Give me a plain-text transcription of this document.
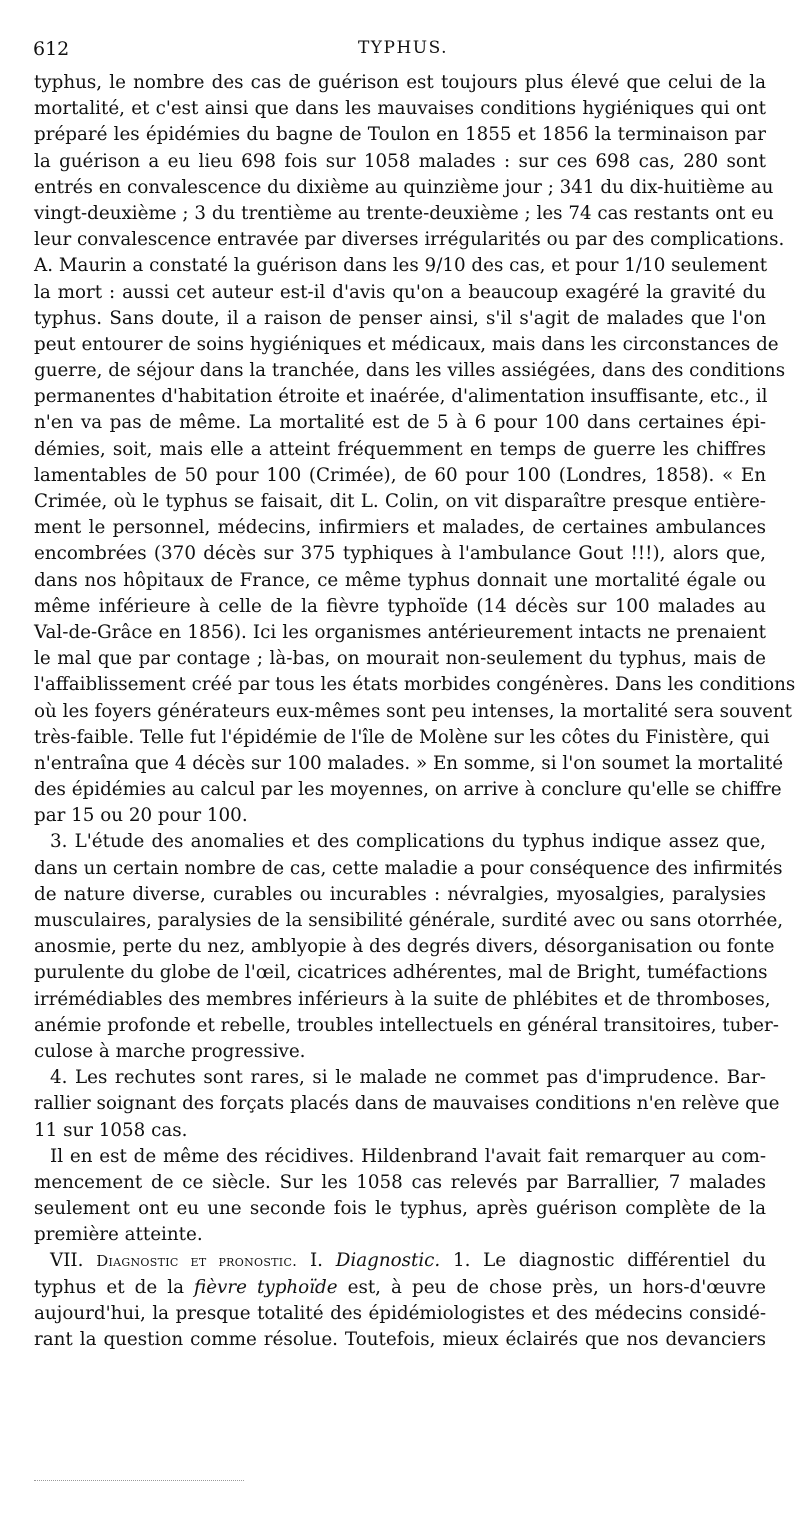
612	TYPHUS.
typhus, le nombre des cas de guérison est toujours plus élevé que celui de la
mortalité, et c'est ainsi que dans les mauvaises conditions hygiéniques qui ont
préparé les épidémies du bagne de Toulon en 1855 et 1856 la terminaison par
la guérison a eu lieu 698 fois sur 1058 malades : sur ces 698 cas, 280 sont
entrés en convalescence du dixième au quinzième jour ; 341 du dix-huitième au
vingt-deuxième ; 3 du trentième au trente-deuxième ; les 74 cas restants ont eu
leur convalescence entravée par diverses irrégularités ou par des complications.
A. Maurin a constaté la guérison dans les 9/10 des cas, et pour 1/10 seulement
la mort : aussi cet auteur est-il d'avis qu'on a beaucoup exagéré la gravité du
typhus. Sans doute, il a raison de penser ainsi, s'il s'agit de malades que l'on
peut entourer de soins hygiéniques et médicaux, mais dans les circonstances de
guerre, de séjour dans la tranchée, dans les villes assiégées, dans des conditions
permanentes d'habitation étroite et inaérée, d'alimentation insuffisante, etc., il
n'en va pas de même. La mortalité est de 5 à 6 pour 100 dans certaines épi-
démies, soit, mais elle a atteint fréquemment en temps de guerre les chiffres
lamentables de 50 pour 100 (Crimée), de 60 pour 100 (Londres, 1858). « En
Crimée, où le typhus se faisait, dit L. Colin, on vit disparaître presque entière-
ment le personnel, médecins, infirmiers et malades, de certaines ambulances
encombrées (370 décès sur 375 typhiques à l'ambulance Gout !!!), alors que,
dans nos hôpitaux de France, ce même typhus donnait une mortalité égale ou
même inférieure à celle de la fièvre typhoïde (14 décès sur 100 malades au
Val-de-Grâce en 1856). Ici les organismes antérieurement intacts ne prenaient
le mal que par contage ; là-bas, on mourait non-seulement du typhus, mais de
l'affaiblissement créé par tous les états morbides congénères. Dans les conditions
où les foyers générateurs eux-mêmes sont peu intenses, la mortalité sera souvent
très-faible. Telle fut l'épidémie de l'île de Molène sur les côtes du Finistère, qui
n'entraîna que 4 décès sur 100 malades. » En somme, si l'on soumet la mortalité
des épidémies au calcul par les moyennes, on arrive à conclure qu'elle se chiffre
par 15 ou 20 pour 100.
3. L'étude des anomalies et des complications du typhus indique assez que,
dans un certain nombre de cas, cette maladie a pour conséquence des infirmités
de nature diverse, curables ou incurables : névralgies, myosalgies, paralysies
musculaires, paralysies de la sensibilité générale, surdité avec ou sans otorrhée,
anosmie, perte du nez, amblyopie à des degrés divers, désorganisation ou fonte
purulente du globe de l'œil, cicatrices adhérentes, mal de Bright, tuméfactions
irrémédiables des membres inférieurs à la suite de phlébites et de thromboses,
anémie profonde et rebelle, troubles intellectuels en général transitoires, tuber-
culose à marche progressive.
4. Les rechutes sont rares, si le malade ne commet pas d'imprudence. Bar-
rallier soignant des forçats placés dans de mauvaises conditions n'en relève que
11 sur 1058 cas.
Il en est de même des récidives. Hildenbrand l'avait fait remarquer au com-
mencement de ce siècle. Sur les 1058 cas relevés par Barrallier, 7 malades
seulement ont eu une seconde fois le typhus, après guérison complète de la
première atteinte.
VII. Diagnostic et pronostic. I. Diagnostic. 1. Le diagnostic différentiel du
typhus et de la fièvre typhoïde est, à peu de chose près, un hors-d'œuvre
aujourd'hui, la presque totalité des épidémiologistes et des médecins considé-
rant la question comme résolue. Toutefois, mieux éclairés que nos devanciers
